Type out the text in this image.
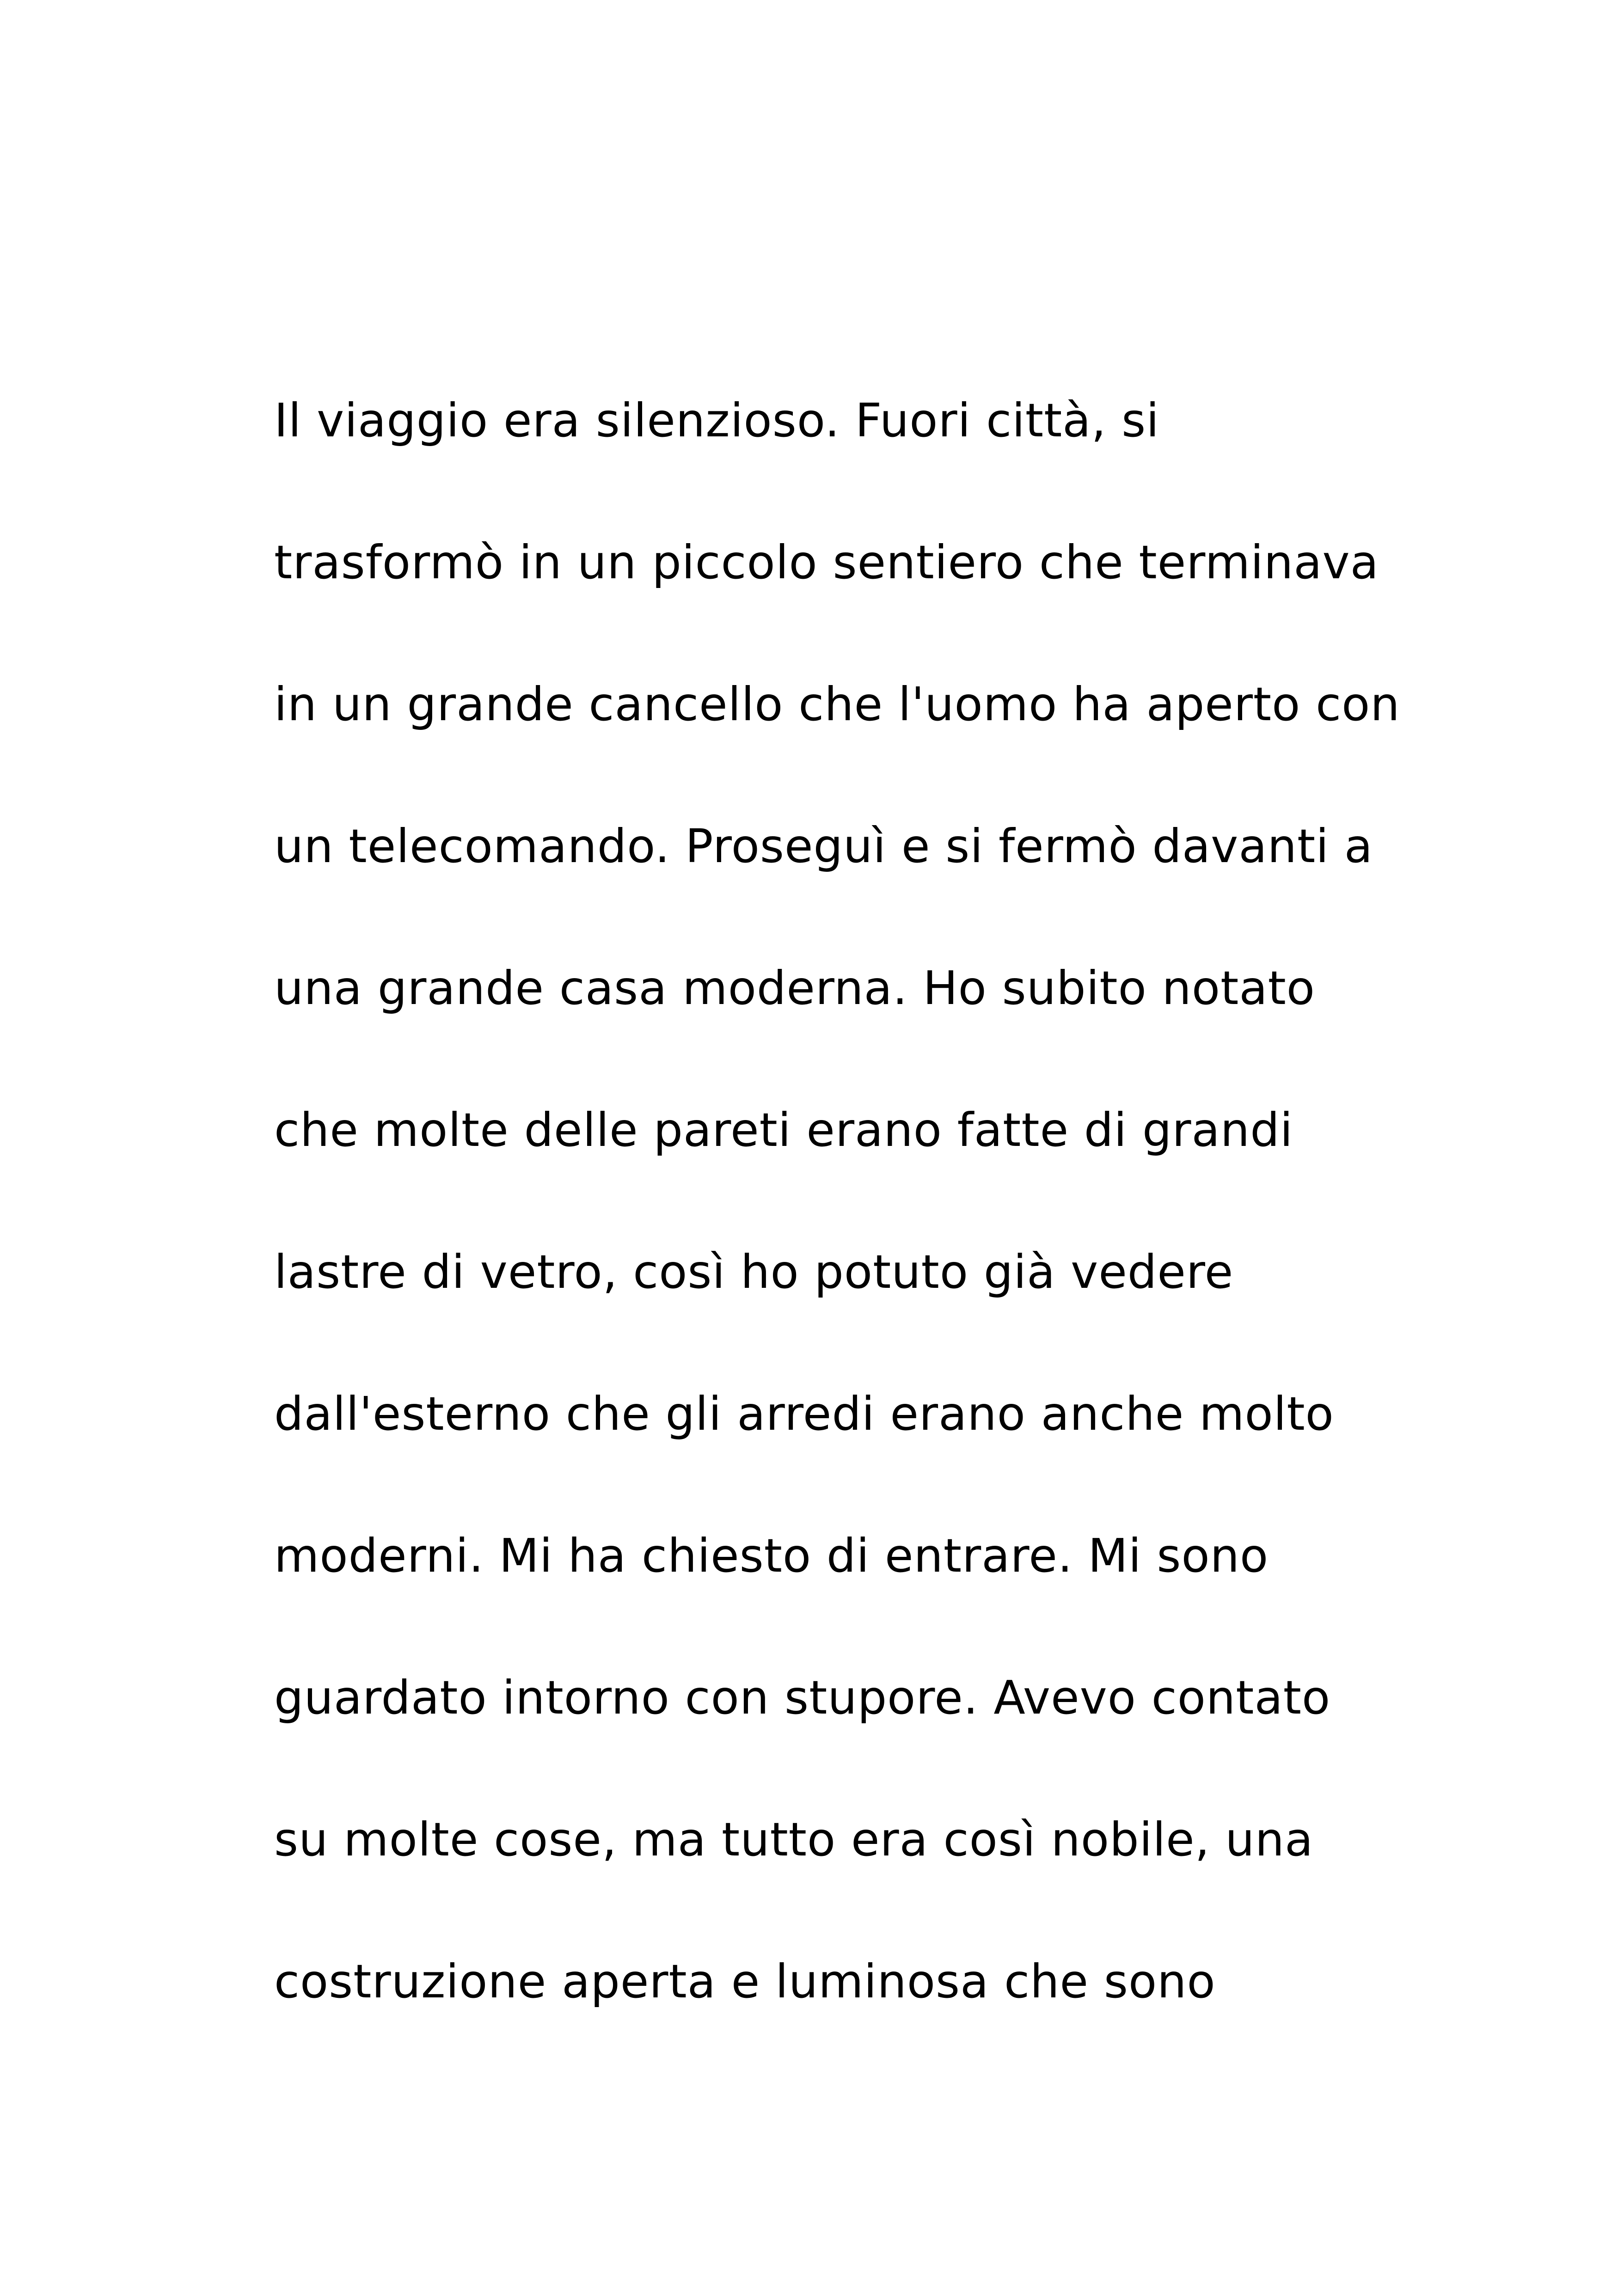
Il viaggio era silenzioso. Fuori città, si
trasformò in un piccolo sentiero che terminava
in un grande cancello che l'uomo ha aperto con
un telecomando. Proseguì e si fermò davanti a
una grande casa moderna. Ho subito notato
che molte delle pareti erano fatte di grandi
lastre di vetro, così ho potuto già vedere
dall'esterno che gli arredi erano anche molto
moderni. Mi ha chiesto di entrare. Mi sono
guardato intorno con stupore. Avevo contato
su molte cose, ma tutto era così nobile, una
costruzione aperta e luminosa che sono
